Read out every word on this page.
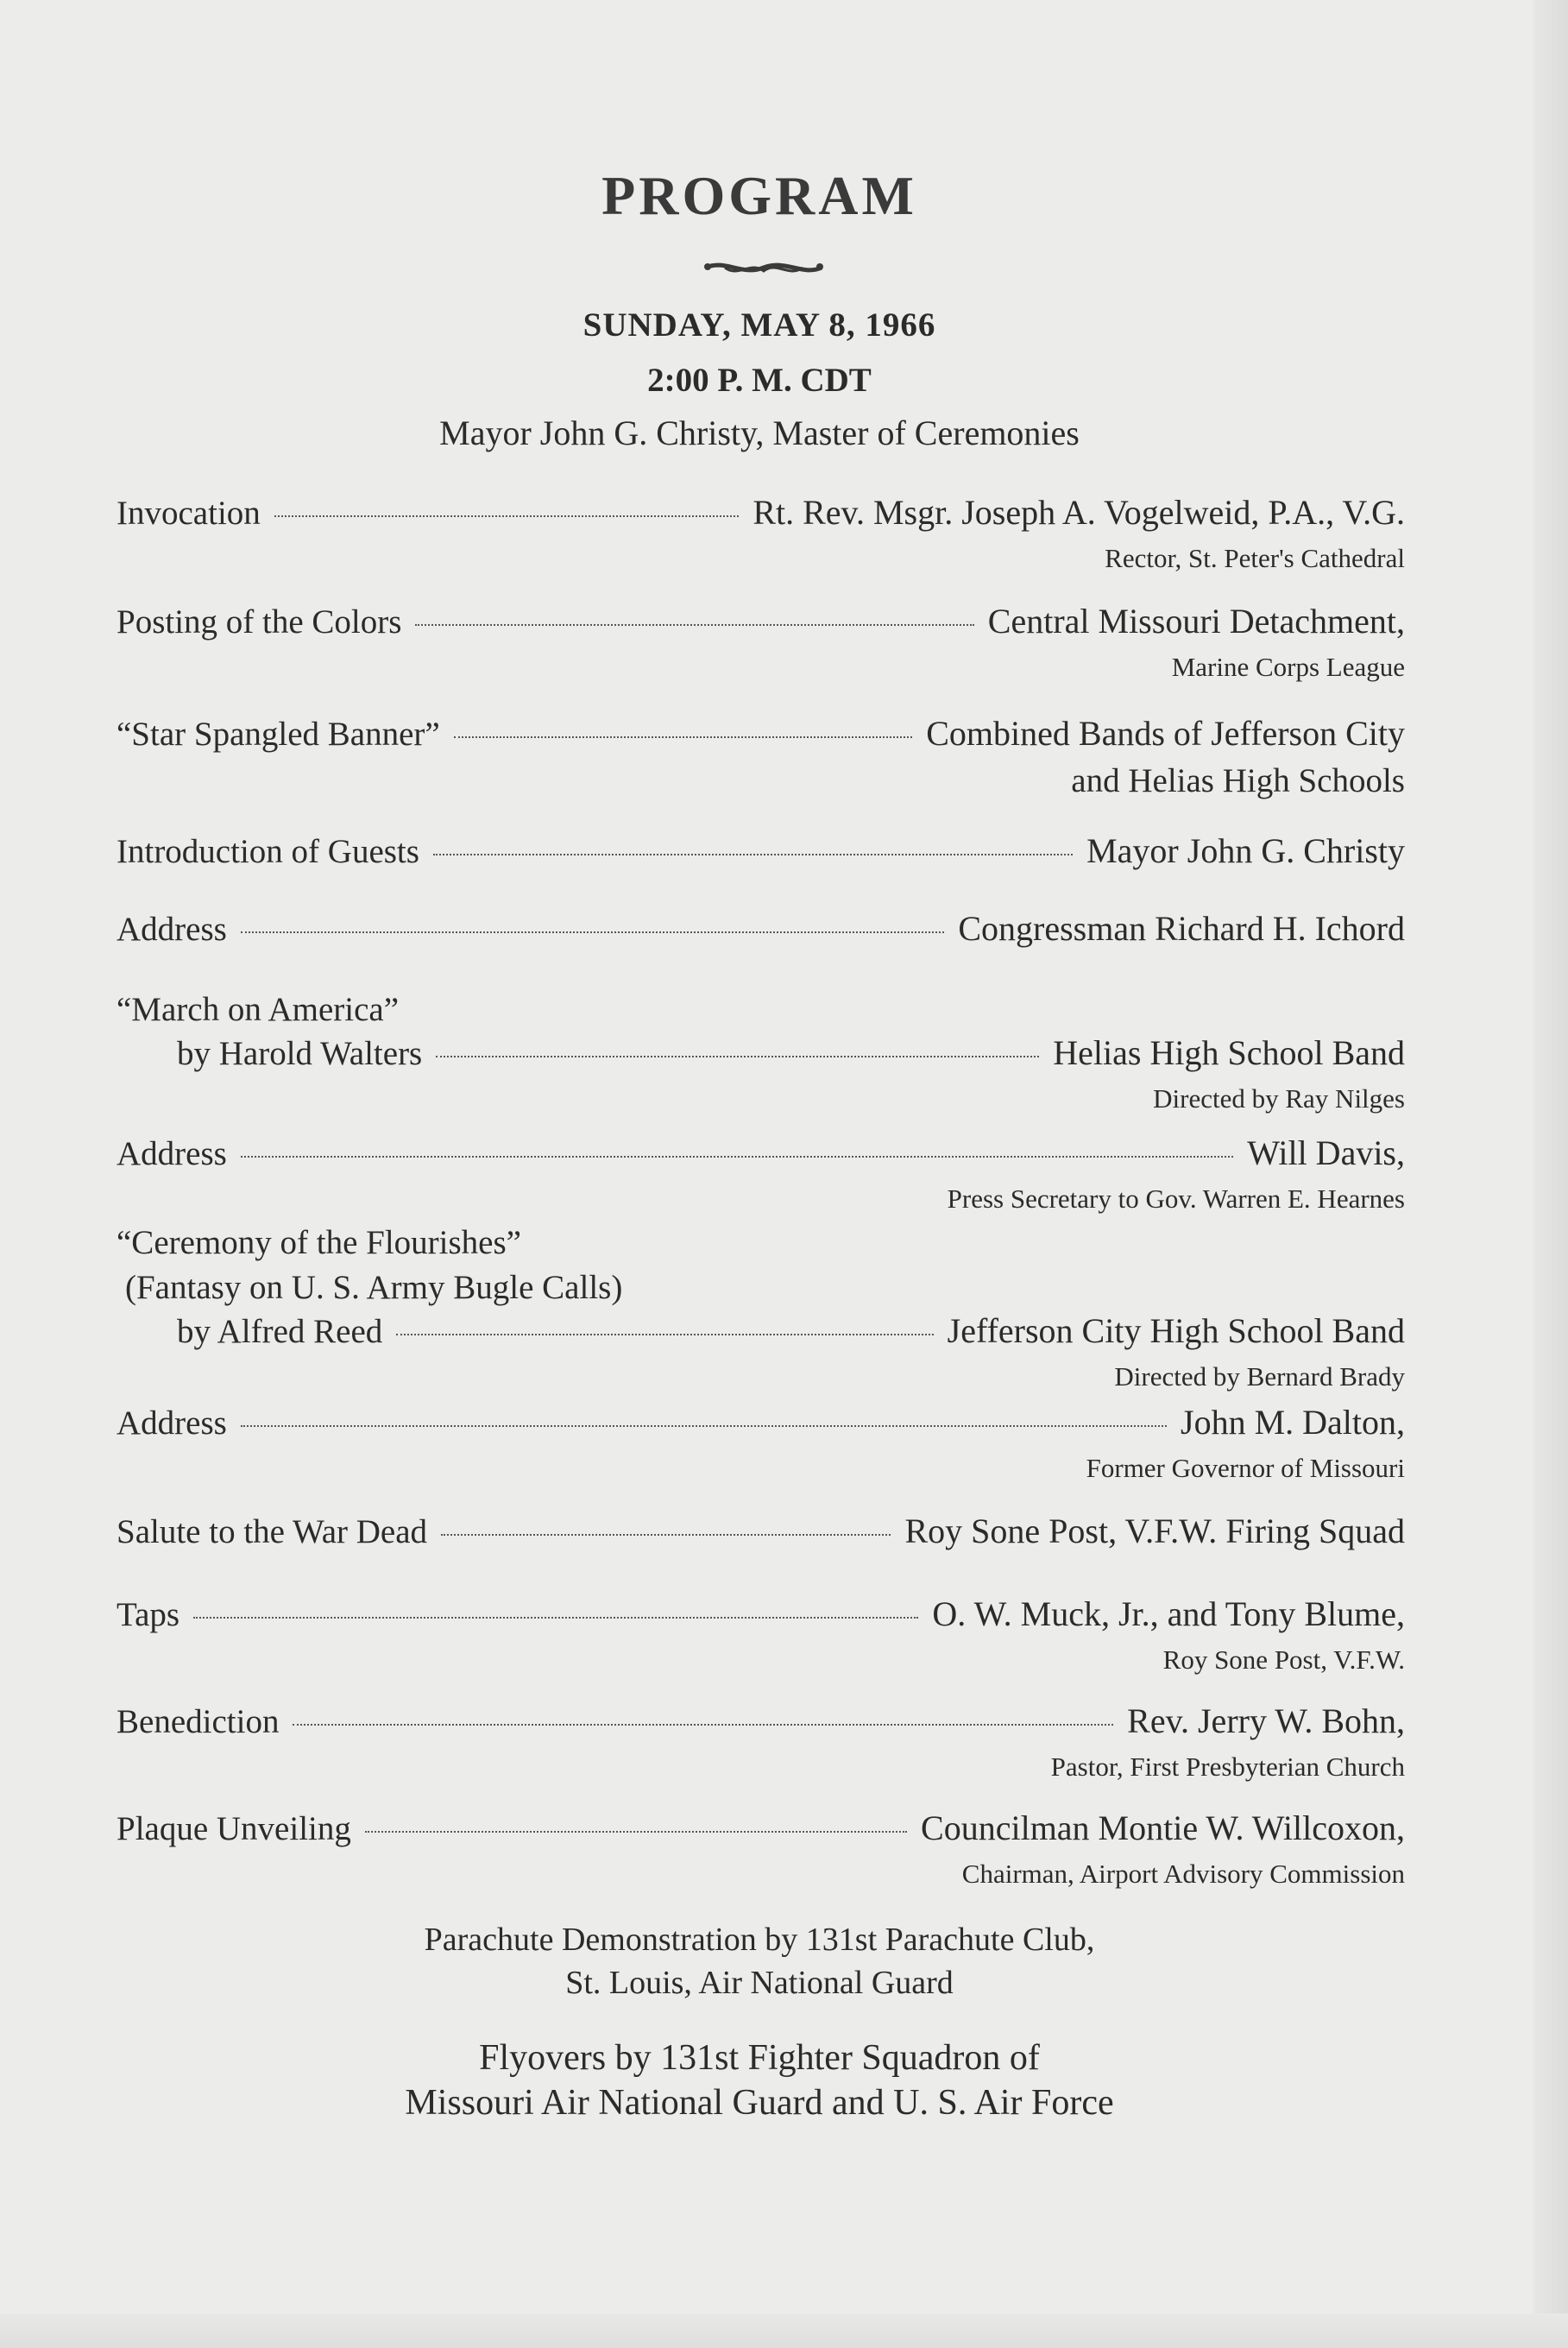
PROGRAM
SUNDAY, MAY 8, 1966
2:00 P. M. CDT
Mayor John G. Christy, Master of Ceremonies
Invocation	Rt. Rev. Msgr. Joseph A. Vogelweid, P.A., V.G.
Rector, St. Peter's Cathedral
Posting of the Colors	Central Missouri Detachment,
Marine Corps League
“Star Spangled Banner”	Combined Bands of Jefferson City
and Helias High Schools
Introduction of Guests	Mayor John G. Christy
Address	Congressman Richard H. Ichord
“March on America”
by Harold Walters	Helias High School Band
Directed by Ray Nilges
Address	Will Davis,
Press Secretary to Gov. Warren E. Hearnes
“Ceremony of the Flourishes”
(Fantasy on U. S. Army Bugle Calls)
by Alfred Reed	Jefferson City High School Band
Directed by Bernard Brady
Address	John M. Dalton,
Former Governor of Missouri
Salute to the War Dead	Roy Sone Post, V.F.W. Firing Squad
Taps	O. W. Muck, Jr., and Tony Blume,
Roy Sone Post, V.F.W.
Benediction	Rev. Jerry W. Bohn,
Pastor, First Presbyterian Church
Plaque Unveiling	Councilman Montie W. Willcoxon,
Chairman, Airport Advisory Commission
Parachute Demonstration by 131st Parachute Club,
St. Louis, Air National Guard
Flyovers by 131st Fighter Squadron of
Missouri Air National Guard and U. S. Air Force
